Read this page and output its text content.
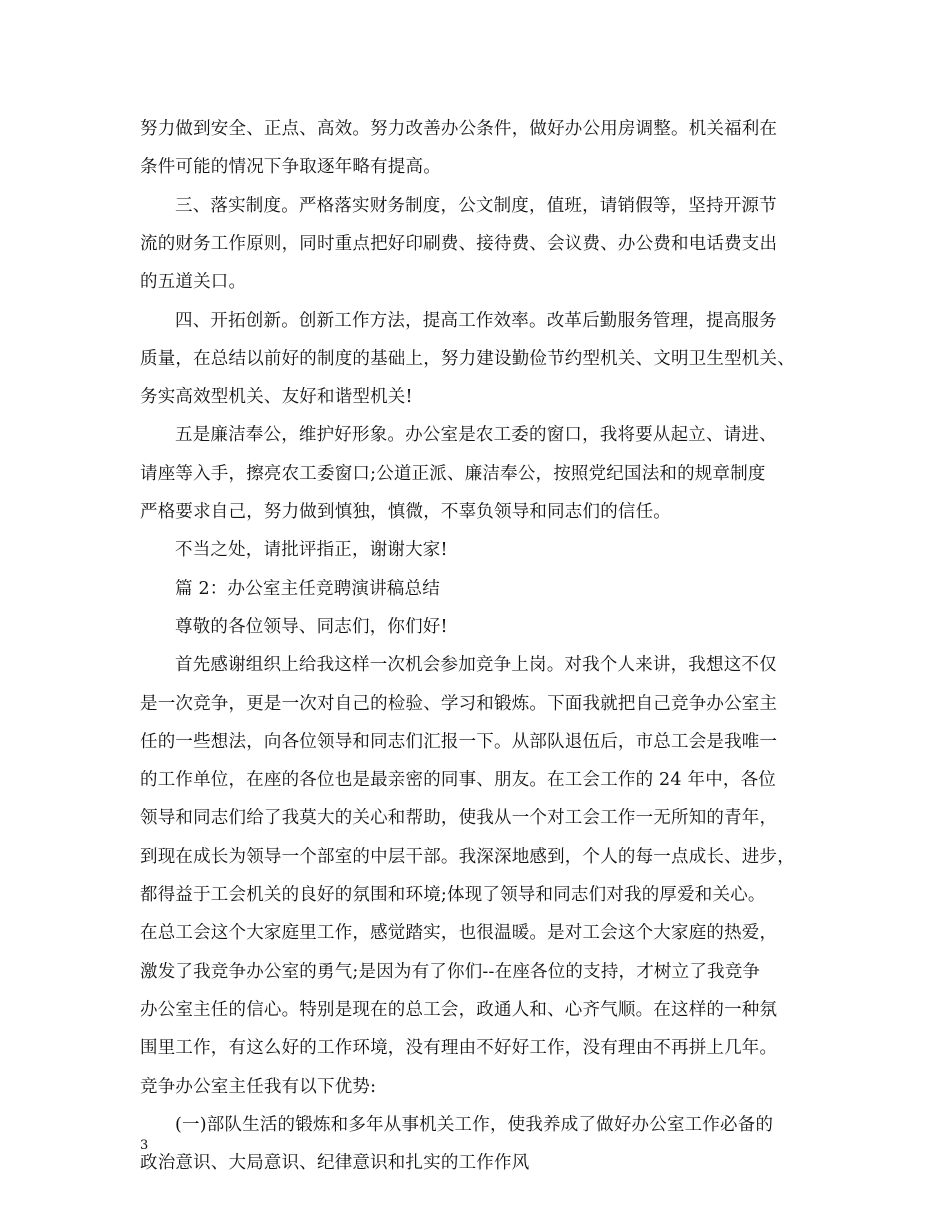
努力做到安全、正点、高效。努力改善办公条件，做好办公用房调整。机关福利在
条件可能的情况下争取逐年略有提高。
三、落实制度。严格落实财务制度，公文制度，值班，请销假等，坚持开源节
流的财务工作原则，同时重点把好印刷费、接待费、会议费、办公费和电话费支出
的五道关口。
四、开拓创新。创新工作方法，提高工作效率。改革后勤服务管理，提高服务
质量，在总结以前好的制度的基础上，努力建设勤俭节约型机关、文明卫生型机关、
务实高效型机关、友好和谐型机关!
五是廉洁奉公，维护好形象。办公室是农工委的窗口，我将要从起立、请进、
请座等入手，擦亮农工委窗口;公道正派、廉洁奉公，按照党纪国法和的规章制度
严格要求自己，努力做到慎独，慎微，不辜负领导和同志们的信任。
不当之处，请批评指正，谢谢大家!
篇 2：办公室主任竞聘演讲稿总结
尊敬的各位领导、同志们，你们好!
首先感谢组织上给我这样一次机会参加竞争上岗。对我个人来讲，我想这不仅
是一次竞争，更是一次对自己的检验、学习和锻炼。下面我就把自己竞争办公室主
任的一些想法，向各位领导和同志们汇报一下。从部队退伍后，市总工会是我唯一
的工作单位，在座的各位也是最亲密的同事、朋友。在工会工作的 24 年中，各位
领导和同志们给了我莫大的关心和帮助，使我从一个对工会工作一无所知的青年，
到现在成长为领导一个部室的中层干部。我深深地感到，个人的每一点成长、进步，
都得益于工会机关的良好的氛围和环境;体现了领导和同志们对我的厚爱和关心。
在总工会这个大家庭里工作，感觉踏实，也很温暖。是对工会这个大家庭的热爱，
激发了我竞争办公室的勇气;是因为有了你们--在座各位的支持，才树立了我竞争
办公室主任的信心。特别是现在的总工会，政通人和、心齐气顺。在这样的一种氛
围里工作，有这么好的工作环境，没有理由不好好工作，没有理由不再拼上几年。
竞争办公室主任我有以下优势:
(一)部队生活的锻炼和多年从事机关工作，使我养成了做好办公室工作必备的
政治意识、大局意识、纪律意识和扎实的工作作风
3
